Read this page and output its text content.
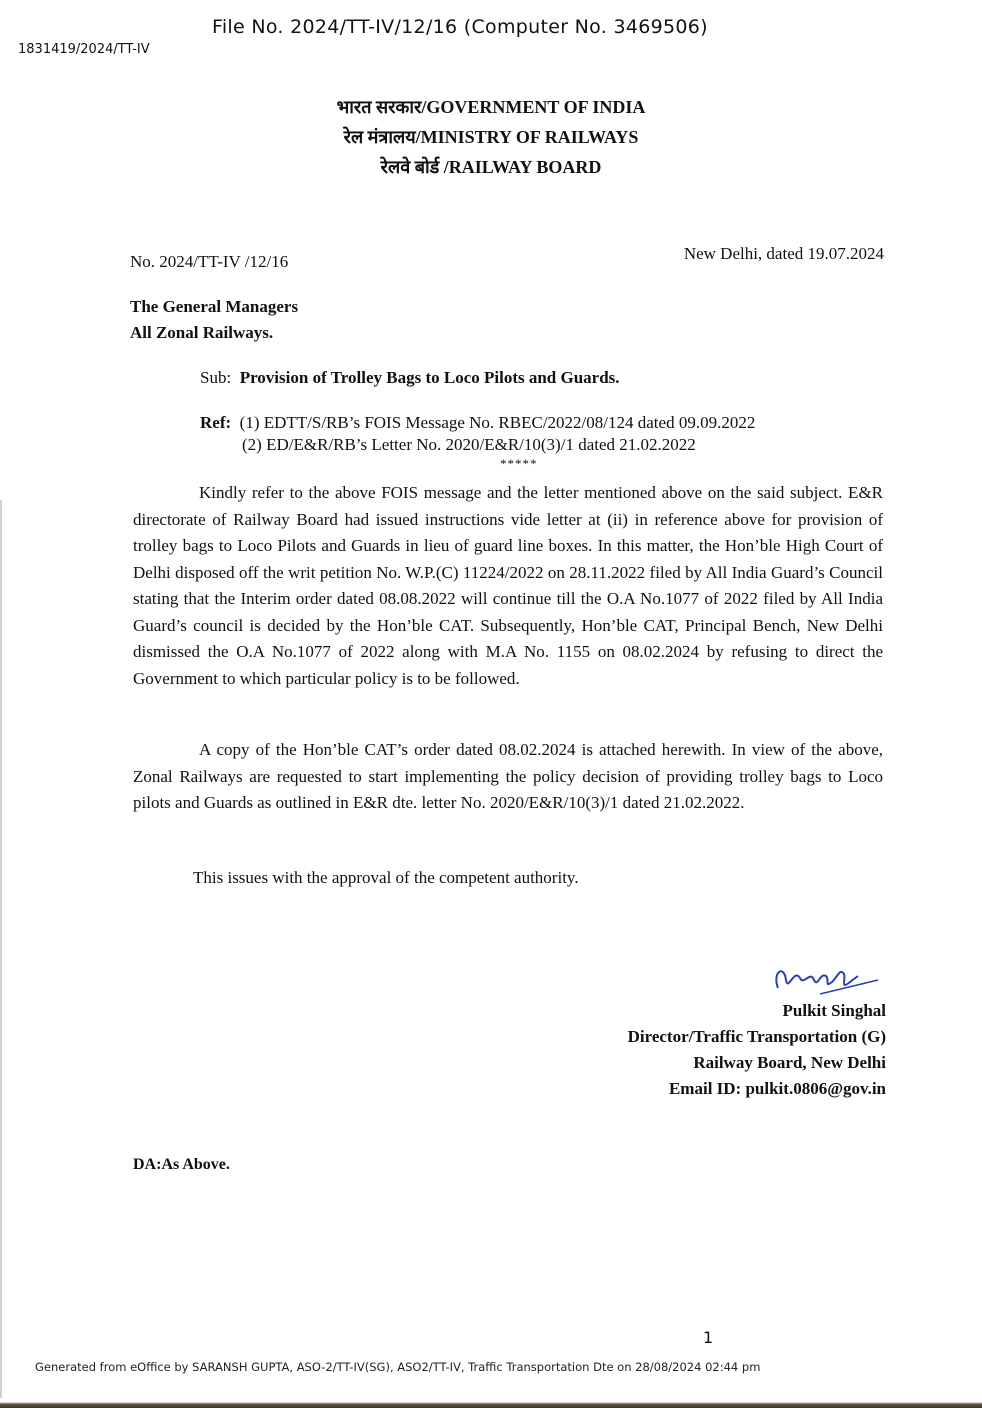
File No. 2024/TT-IV/12/16 (Computer No. 3469506)
1831419/2024/TT-IV
भारत सरकार/GOVERNMENT OF INDIA
रेल मंत्रालय/MINISTRY OF RAILWAYS
रेलवे बोर्ड /RAILWAY BOARD
No. 2024/TT-IV /12/16	New Delhi, dated 19.07.2024
The General Managers
All Zonal Railways.
Sub: Provision of Trolley Bags to Loco Pilots and Guards.
Ref: (1) EDTT/S/RB’s FOIS Message No. RBEC/2022/08/124 dated 09.09.2022
(2) ED/E&R/RB’s Letter No. 2020/E&R/10(3)/1 dated 21.02.2022
*****
Kindly refer to the above FOIS message and the letter mentioned above on the said subject. E&R directorate of Railway Board had issued instructions vide letter at (ii) in reference above for provision of trolley bags to Loco Pilots and Guards in lieu of guard line boxes. In this matter, the Hon’ble High Court of Delhi disposed off the writ petition No. W.P.(C) 11224/2022 on 28.11.2022 filed by All India Guard’s Council stating that the Interim order dated 08.08.2022 will continue till the O.A No.1077 of 2022 filed by All India Guard’s council is decided by the Hon’ble CAT. Subsequently, Hon’ble CAT, Principal Bench, New Delhi dismissed the O.A No.1077 of 2022 along with M.A No. 1155 on 08.02.2024 by refusing to direct the Government to which particular policy is to be followed.
A copy of the Hon’ble CAT’s order dated 08.02.2024 is attached herewith. In view of the above, Zonal Railways are requested to start implementing the policy decision of providing trolley bags to Loco pilots and Guards as outlined in E&R dte. letter No. 2020/E&R/10(3)/1 dated 21.02.2022.
This issues with the approval of the competent authority.
Pulkit Singhal
Director/Traffic Transportation (G)
Railway Board, New Delhi
Email ID: pulkit.0806@gov.in
DA:As Above.
1
Generated from eOffice by SARANSH GUPTA, ASO-2/TT-IV(SG), ASO2/TT-IV, Traffic Transportation Dte on 28/08/2024 02:44 pm
